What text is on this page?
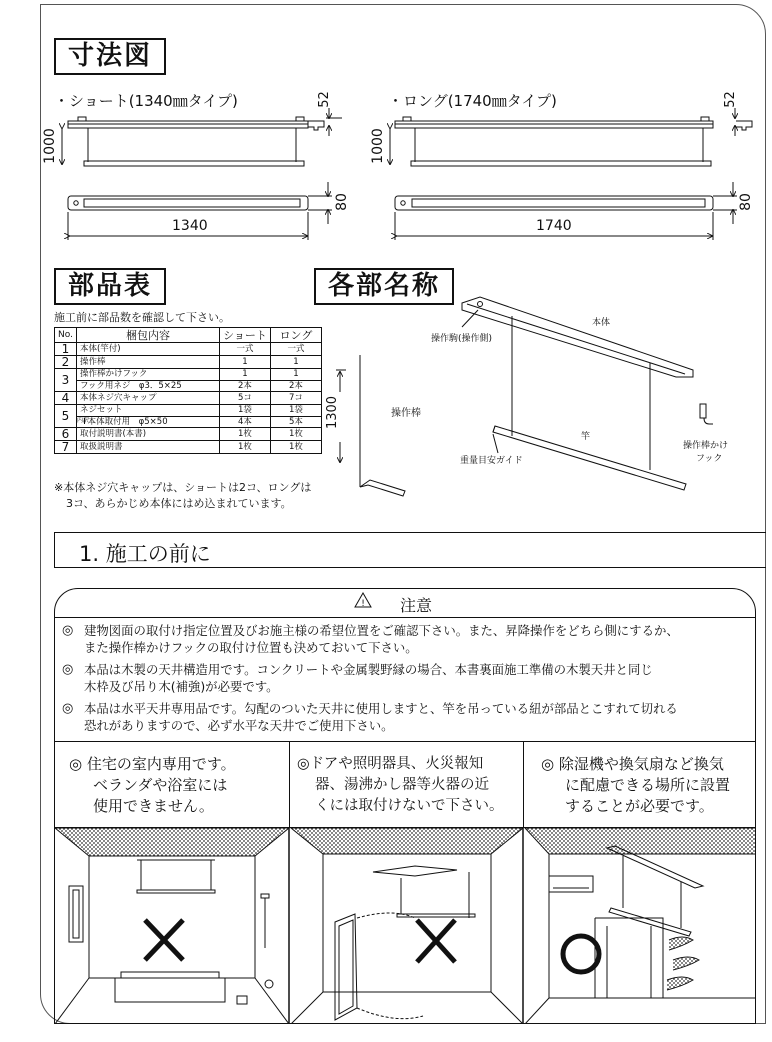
寸法図
・ショート(1340㎜タイプ)	・ロング(1740㎜タイプ)
!
52	52
1000	1000
80	80
1340	1740
部品表
施工前に部品数を確認して下さい。
No.	梱包内容	ショート	ロング
1	本体(竿付)	一式	一式
2	操作棒	1	1
3	操作棒かけフック	1	1
	フック用ネジ　φ3．5×25	2本	2本
4	本体ネジ穴キャップ	5コ	7コ
5	ネジセット	1袋	1袋
	内訳 本体取付用　φ5×50	4本	5本
6	取付説明書(本書)	1枚	1枚
7	取扱説明書	1枚	1枚
※本体ネジ穴キャップは、ショートは2コ、ロングは
3コ、あらかじめ本体にはめ込まれています。
各部名称
本体
操作駒(操作側)
1300	操作棒
竿
重量目安ガイド
操作棒かけ
フック
1. 施工の前に
注意
◎ 建物図面の取付け指定位置及びお施主様の希望位置をご確認下さい。また、昇降操作をどちら側にするか、
また操作棒かけフックの取付け位置も決めておいて下さい。
◎ 本品は木製の天井構造用です。コンクリートや金属製野縁の場合、本書裏面施工準備の木製天井と同じ
木枠及び吊り木(補強)が必要です。
◎ 本品は水平天井専用品です。勾配のついた天井に使用しますと、竿を吊っている紐が部品とこすれて切れる
恐れがありますので、必ず水平な天井でご使用下さい。
◎ 住宅の室内専用です。
ベランダや浴室には
使用できません。
◎ドアや照明器具、火災報知
器、湯沸かし器等火器の近
くには取付けないで下さい。
◎ 除湿機や換気扇など換気
に配慮できる場所に設置
することが必要です。
